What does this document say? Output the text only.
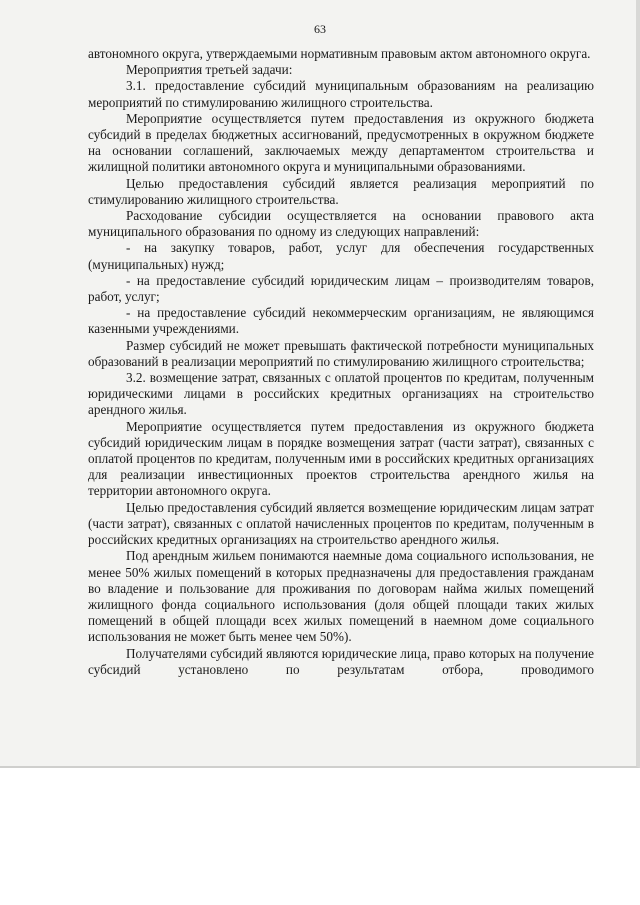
63

автономного округа, утверждаемыми нормативным правовым актом автономного округа.

Мероприятия третьей задачи:

3.1. предоставление субсидий муниципальным образованиям на реализацию мероприятий по стимулированию жилищного строительства.

Мероприятие осуществляется путем предоставления из окружного бюджета субсидий в пределах бюджетных ассигнований, предусмотренных в окружном бюджете на основании соглашений, заключаемых между департаментом строительства и жилищной политики автономного округа и муниципальными образованиями.

Целью предоставления субсидий является реализация мероприятий по стимулированию жилищного строительства.

Расходование субсидии осуществляется на основании правового акта муниципального образования по одному из следующих направлений:

- на закупку товаров, работ, услуг для обеспечения государственных (муниципальных) нужд;

- на предоставление субсидий юридическим лицам – производителям товаров, работ, услуг;

- на предоставление субсидий некоммерческим организациям, не являющимся казенными учреждениями.

Размер субсидий не может превышать фактической потребности муниципальных образований в реализации мероприятий по стимулированию жилищного строительства;

3.2. возмещение затрат, связанных с оплатой процентов по кредитам, полученным юридическими лицами в российских кредитных организациях на строительство арендного жилья.

Мероприятие осуществляется путем предоставления из окружного бюджета субсидий юридическим лицам в порядке возмещения затрат (части затрат), связанных с оплатой процентов по кредитам, полученным ими в российских кредитных организациях для реализации инвестиционных проектов строительства арендного жилья на территории автономного округа.

Целью предоставления субсидий является возмещение юридическим лицам затрат (части затрат), связанных с оплатой начисленных процентов по кредитам, полученным в российских кредитных организациях на строительство арендного жилья.

Под арендным жильем понимаются наемные дома социального использования, не менее 50% жилых помещений в которых предназначены для предоставления гражданам во владение и пользование для проживания по договорам найма жилых помещений жилищного фонда социального использования (доля общей площади таких жилых помещений в общей площади всех жилых помещений в наемном доме социального использования не может быть менее чем 50%).

Получателями субсидий являются юридические лица, право которых на получение субсидий установлено по результатам отбора, проводимого
